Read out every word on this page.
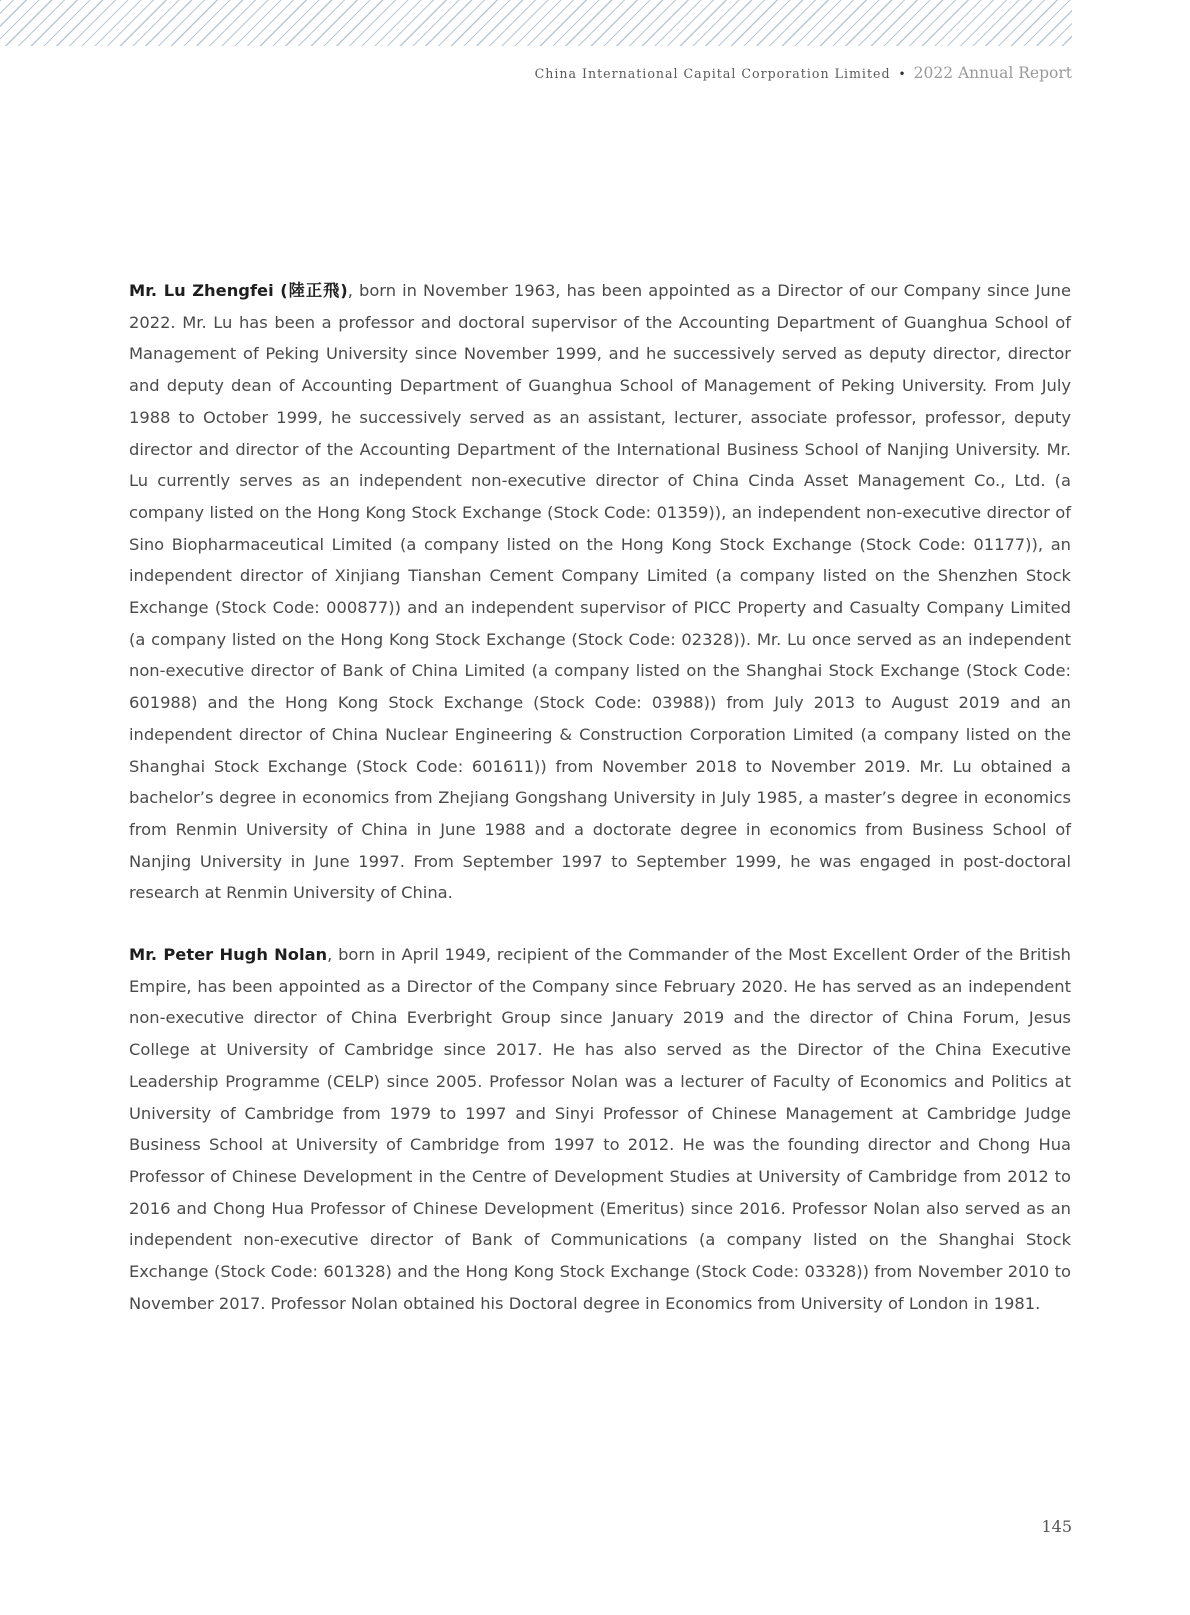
China International Capital Corporation Limited • 2022 Annual Report

Mr. Lu Zhengfei (陸正飛), born in November 1963, has been appointed as a Director of our Company since June 2022. Mr. Lu has been a professor and doctoral supervisor of the Accounting Department of Guanghua School of Management of Peking University since November 1999, and he successively served as deputy director, director and deputy dean of Accounting Department of Guanghua School of Management of Peking University. From July 1988 to October 1999, he successively served as an assistant, lecturer, associate professor, professor, deputy director and director of the Accounting Department of the International Business School of Nanjing University. Mr. Lu currently serves as an independent non-executive director of China Cinda Asset Management Co., Ltd. (a company listed on the Hong Kong Stock Exchange (Stock Code: 01359)), an independent non-executive director of Sino Biopharmaceutical Limited (a company listed on the Hong Kong Stock Exchange (Stock Code: 01177)), an independent director of Xinjiang Tianshan Cement Company Limited (a company listed on the Shenzhen Stock Exchange (Stock Code: 000877)) and an independent supervisor of PICC Property and Casualty Company Limited (a company listed on the Hong Kong Stock Exchange (Stock Code: 02328)). Mr. Lu once served as an independent non-executive director of Bank of China Limited (a company listed on the Shanghai Stock Exchange (Stock Code: 601988) and the Hong Kong Stock Exchange (Stock Code: 03988)) from July 2013 to August 2019 and an independent director of China Nuclear Engineering & Construction Corporation Limited (a company listed on the Shanghai Stock Exchange (Stock Code: 601611)) from November 2018 to November 2019. Mr. Lu obtained a bachelor’s degree in economics from Zhejiang Gongshang University in July 1985, a master’s degree in economics from Renmin University of China in June 1988 and a doctorate degree in economics from Business School of Nanjing University in June 1997. From September 1997 to September 1999, he was engaged in post-doctoral research at Renmin University of China.

Mr. Peter Hugh Nolan, born in April 1949, recipient of the Commander of the Most Excellent Order of the British Empire, has been appointed as a Director of the Company since February 2020. He has served as an independent non-executive director of China Everbright Group since January 2019 and the director of China Forum, Jesus College at University of Cambridge since 2017. He has also served as the Director of the China Executive Leadership Programme (CELP) since 2005. Professor Nolan was a lecturer of Faculty of Economics and Politics at University of Cambridge from 1979 to 1997 and Sinyi Professor of Chinese Management at Cambridge Judge Business School at University of Cambridge from 1997 to 2012. He was the founding director and Chong Hua Professor of Chinese Development in the Centre of Development Studies at University of Cambridge from 2012 to 2016 and Chong Hua Professor of Chinese Development (Emeritus) since 2016. Professor Nolan also served as an independent non-executive director of Bank of Communications (a company listed on the Shanghai Stock Exchange (Stock Code: 601328) and the Hong Kong Stock Exchange (Stock Code: 03328)) from November 2010 to November 2017. Professor Nolan obtained his Doctoral degree in Economics from University of London in 1981.

145
